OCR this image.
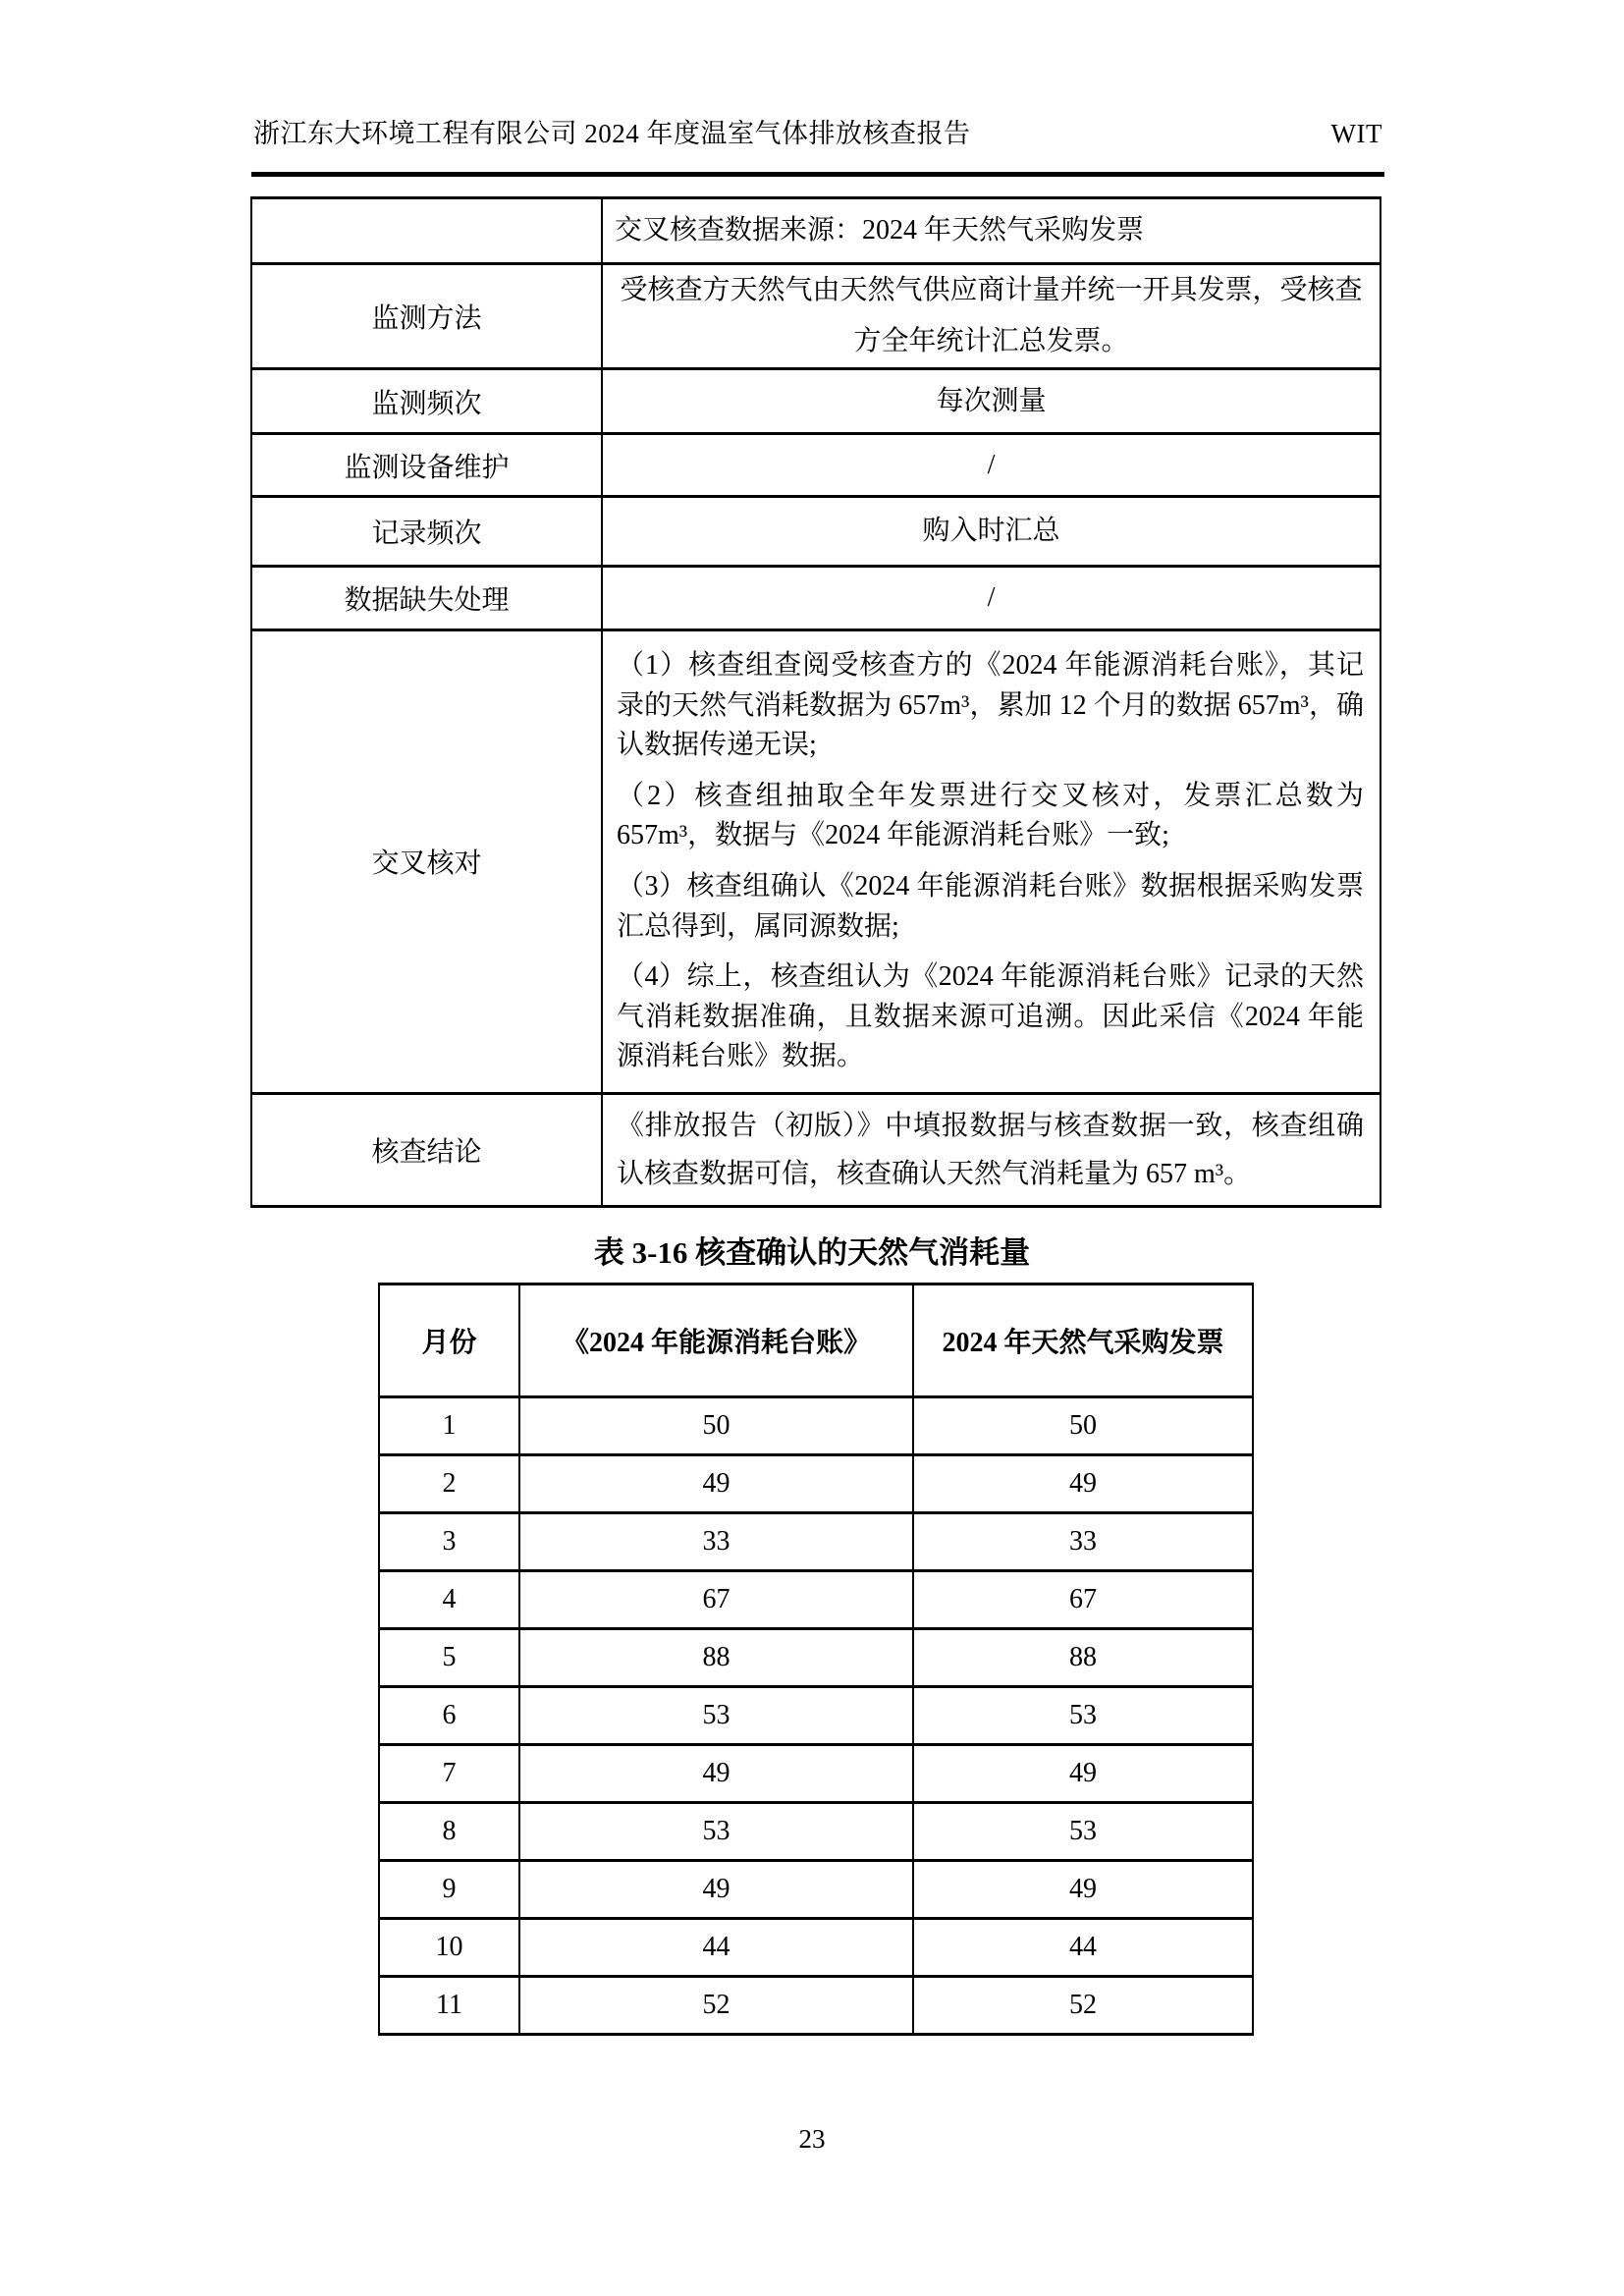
浙江东大环境工程有限公司 2024 年度温室气体排放核查报告	WIT
	交叉核查数据来源：2024 年天然气采购发票
监测方法	受核查方天然气由天然气供应商计量并统一开具发票，受核查方全年统计汇总发票。
监测频次	每次测量
监测设备维护	/
记录频次	购入时汇总
数据缺失处理	/
交叉核对	（1）核查组查阅受核查方的《2024 年能源消耗台账》，其记录的天然气消耗数据为 657m³，累加 12 个月的数据 657m³，确认数据传递无误;

（2）核查组抽取全年发票进行交叉核对，发票汇总数为 657m³，数据与《2024 年能源消耗台账》一致;

（3）核查组确认《2024 年能源消耗台账》数据根据采购发票汇总得到，属同源数据;

（4）综上，核查组认为《2024 年能源消耗台账》记录的天然气消耗数据准确，且数据来源可追溯。因此采信《2024 年能源消耗台账》数据。

核查结论	《排放报告（初版）》中填报数据与核查数据一致，核查组确认核查数据可信，核查确认天然气消耗量为 657 m³。
表 3-16 核查确认的天然气消耗量
月份	《2024 年能源消耗台账》	2024 年天然气采购发票
1	50	50
2	49	49
3	33	33
4	67	67
5	88	88
6	53	53
7	49	49
8	53	53
9	49	49
10	44	44
11	52	52
23
